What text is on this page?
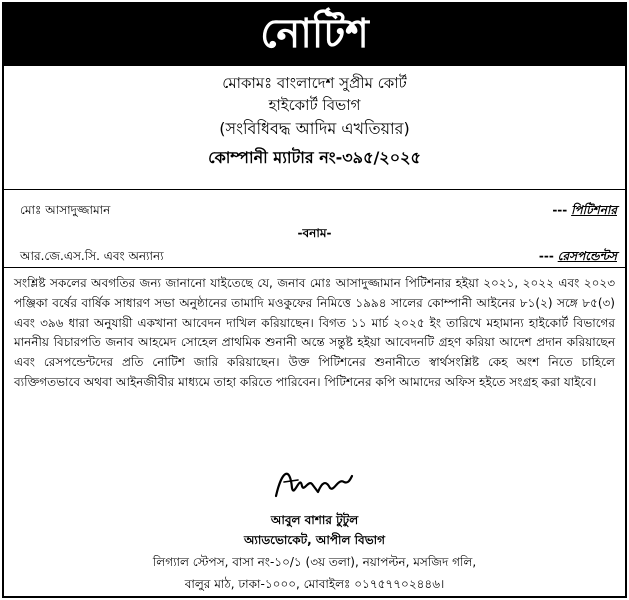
নোটিশ
মোকামঃ বাংলাদেশ সুপ্রীম কোর্ট
হাইকোর্ট বিভাগ
(সংবিধিবদ্ধ আদিম এখতিয়ার)
কোম্পানী ম্যাটার নং-৩৯৫/২০২৫
মোঃ আসাদুজ্জামান	--- পিটিশনার
-বনাম-
আর.জে.এস.সি. এবং অন্যান্য	--- রেসপন্ডেন্টস
সংশ্লিষ্ট সকলের অবগতির জন্য জানানো যাইতেছে যে, জনাব মোঃ আসাদুজ্জামান পিটিশনার হইয়া ২০২১, ২০২২ এবং ২০২৩ পঞ্জিকা বর্ষের বার্ষিক সাধারণ সভা অনুষ্ঠানের তামাদি মওকুফের নিমিত্তে ১৯৯৪ সালের কোম্পানী আইনের ৮১(২) সঙ্গে ৮৫(৩) এবং ৩৯৬ ধারা অনুযায়ী একখানা আবেদন দাখিল করিয়াছেন। বিগত ১১ মার্চ ২০২৫ ইং তারিখে মহামান্য হাইকোর্ট বিভাগের মাননীয় বিচারপতি জনাব আহমেদ সোহেল প্রাথমিক শুনানী অন্তে সন্তুষ্ট হইয়া আবেদনটি গ্রহণ করিয়া আদেশ প্রদান করিয়াছেন এবং রেসপন্ডেন্টদের প্রতি নোটিশ জারি করিয়াছেন। উক্ত পিটিশনের শুনানীতে স্বার্থসংশ্লিষ্ট কেহ অংশ নিতে চাহিলে ব্যক্তিগতভাবে অথবা আইনজীবীর মাধ্যমে তাহা করিতে পারিবেন। পিটিশনের কপি আমাদের অফিস হইতে সংগ্রহ করা যাইবে।
আবুল বাশার টুটুল
অ্যাডভোকেট, আপীল বিভাগ
লিগ্যাল স্টেপস, বাসা নং-১০/১ (৩য় তলা), নয়াপল্টন, মসজিদ গলি,
বালুর মাঠ, ঢাকা-১০০০, মোবাইলঃ ০১৭৫৭৭০২৪৪৬।
